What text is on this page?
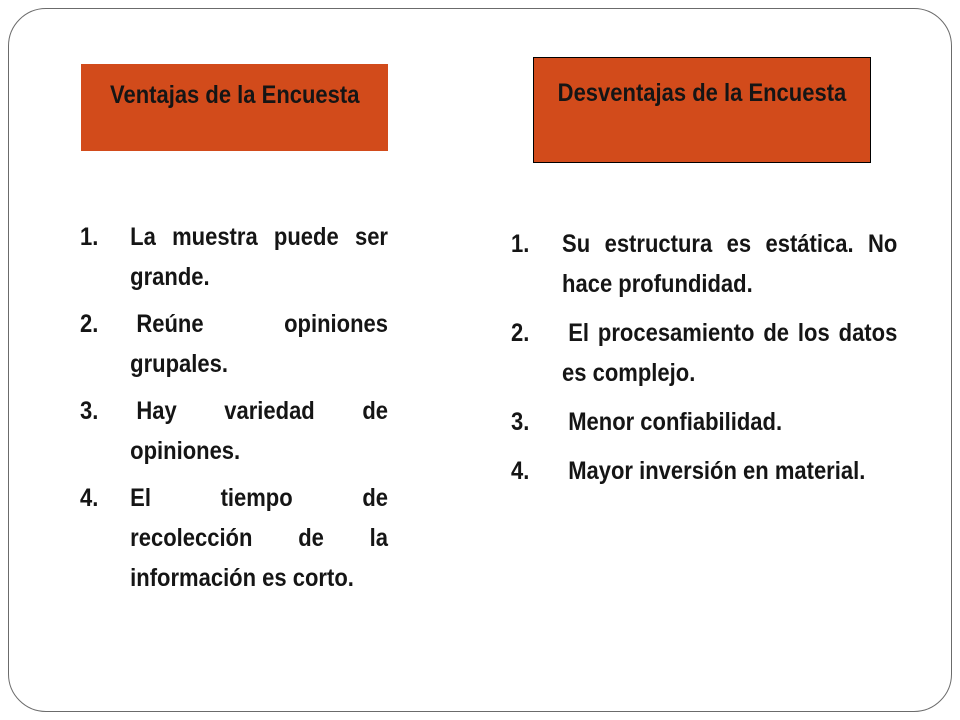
Ventajas de la Encuesta	Desventajas de la Encuesta
1.	La muestra puede ser
grande.
2.	Reúne opiniones
grupales.
3.	Hay variedad de
opiniones.
4.	El tiempo de
recolección de la
información es corto.
1.	Su estructura es estática. No
hace profundidad.
2.	El procesamiento de los datos
es complejo.
3.	Menor confiabilidad.
4.	Mayor inversión en material.
